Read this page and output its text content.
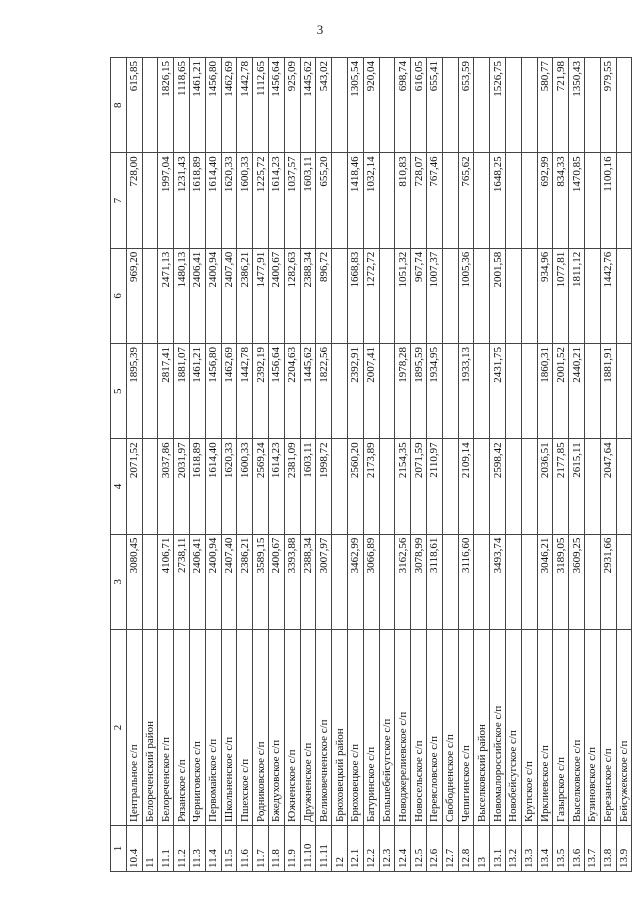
3
1	2	3	4	5	6	7	8
10.4	Центральное с/п	3080,45	2071,52	1895,39	969,20	728,00	615,85
11	Белореченский район						
11.1	Белореченское г/п	4106,71	3037,86	2817,41	2471,13	1997,04	1826,15
11.2	Рязанское с/п	2738,11	2031,97	1881,07	1480,13	1231,43	1118,65
11.3	Черниговское с/п	2406,41	1618,89	1461,21	2406,41	1618,89	1461,21
11.4	Первомайское с/п	2400,94	1614,40	1456,80	2400,94	1614,40	1456,80
11.5	Школьненское с/п	2407,40	1620,33	1462,69	2407,40	1620,33	1462,69
11.6	Пшехское с/п	2386,21	1600,33	1442,78	2386,21	1600,33	1442,78
11.7	Родниковское с/п	3589,15	2569,24	2392,19	1477,91	1225,72	1112,65
11.8	Бжедуховское с/п	2400,67	1614,23	1456,64	2400,67	1614,23	1456,64
11.9	Южненское с/п	3393,88	2381,09	2204,63	1282,63	1037,57	925,09
11.10	Дружненское с/п	2388,34	1603,11	1445,62	2388,34	1603,11	1445,62
11.11	Великовечненское с/п	3007,97	1998,72	1822,56	896,72	655,20	543,02
12	Брюховецкий район						
12.1	Брюховецкое с/п	3462,99	2560,20	2392,91	1668,83	1418,46	1305,54
12.2	Батуринское с/п	3066,89	2173,89	2007,41	1272,72	1032,14	920,04
12.3	Большебейсугское с/п						
12.4	Новоджерелиевское с/п	3162,56	2154,35	1978,28	1051,32	810,83	698,74
12.5	Новосельское с/п	3078,99	2071,59	1895,59	967,74	728,07	616,05
12.6	Переясловское с/п	3118,61	2110,97	1934,95	1007,37	767,46	655,41
12.7	Свободненское с/п						
12.8	Чепигинское с/п	3116,60	2109,14	1933,13	1005,36	765,62	653,59
13	Выселковский район						
13.1	Новомалороссийское с/п	3493,74	2598,42	2431,75	2001,58	1648,25	1526,75
13.2	Новобейсугское с/п						
13.3	Крупское с/п						
13.4	Ирклиевское с/п	3046,21	2036,51	1860,31	934,96	692,99	580,77
13.5	Газырское с/п	3189,05	2177,85	2001,52	1077,81	834,33	721,98
13.6	Выселковское с/п	3609,25	2615,11	2440,21	1811,12	1470,85	1350,43
13.7	Бузиновское с/п						
13.8	Березанское с/п	2931,66	2047,64	1881,91	1442,76	1100,16	979,55
13.9	Бейсужекское с/п						
